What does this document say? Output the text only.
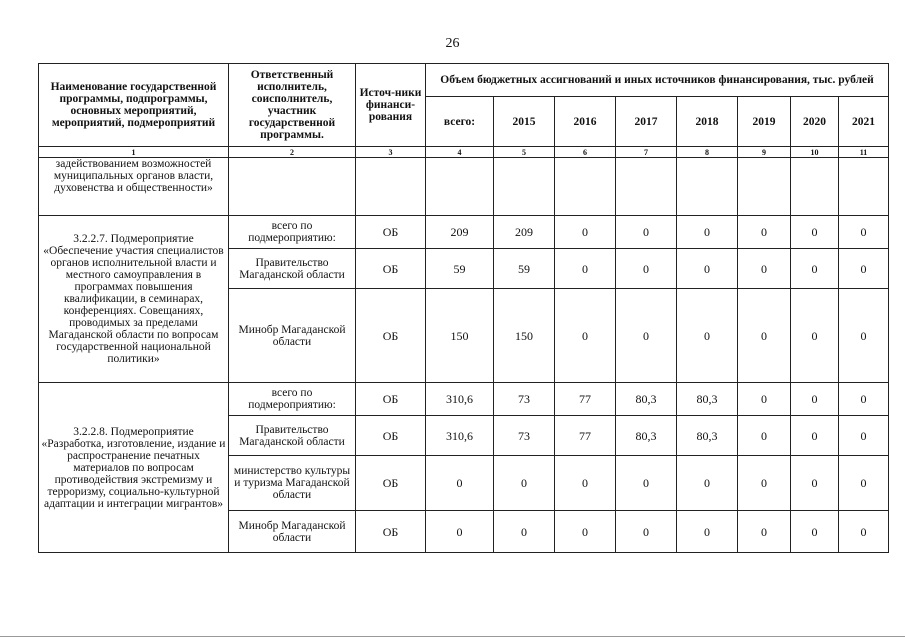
26
Наименование государственной программы, подпрограммы, основных мероприятий, мероприятий, подмероприятий	Ответственный исполнитель, соисполнитель, участник государственной программы.	Источ-ники финанси-рования	Объем бюджетных ассигнований и иных источников финансирования, тыс. рублей							
			всего:	2015	2016	2017	2018	2019	2020	2021
1	2	3	4	5	6	7	8	9	10	11
задействованием возможностей муниципальных органов власти, духовенства и общественности»										
3.2.2.7. Подмероприятие «Обеспечение участия специалистов органов исполнительной власти и местного самоуправления в программах повышения квалификации, в семинарах, конференциях. Совещаниях, проводимых за пределами Магаданской области по вопросам государственной национальной политики»	всего по подмероприятию:	ОБ	209	209	0	0	0	0	0	0
	Правительство Магаданской области	ОБ	59	59	0	0	0	0	0	0
	Минобр Магаданской области	ОБ	150	150	0	0	0	0	0	0
3.2.2.8. Подмероприятие «Разработка, изготовление, издание и распространение печатных материалов по вопросам противодействия экстремизму и терроризму, социально-культурной адаптации и интеграции мигрантов»	всего по подмероприятию:	ОБ	310,6	73	77	80,3	80,3	0	0	0
	Правительство Магаданской области	ОБ	310,6	73	77	80,3	80,3	0	0	0
	министерство культуры и туризма Магаданской области	ОБ	0	0	0	0	0	0	0	0
	Минобр Магаданской области	ОБ	0	0	0	0	0	0	0	0
